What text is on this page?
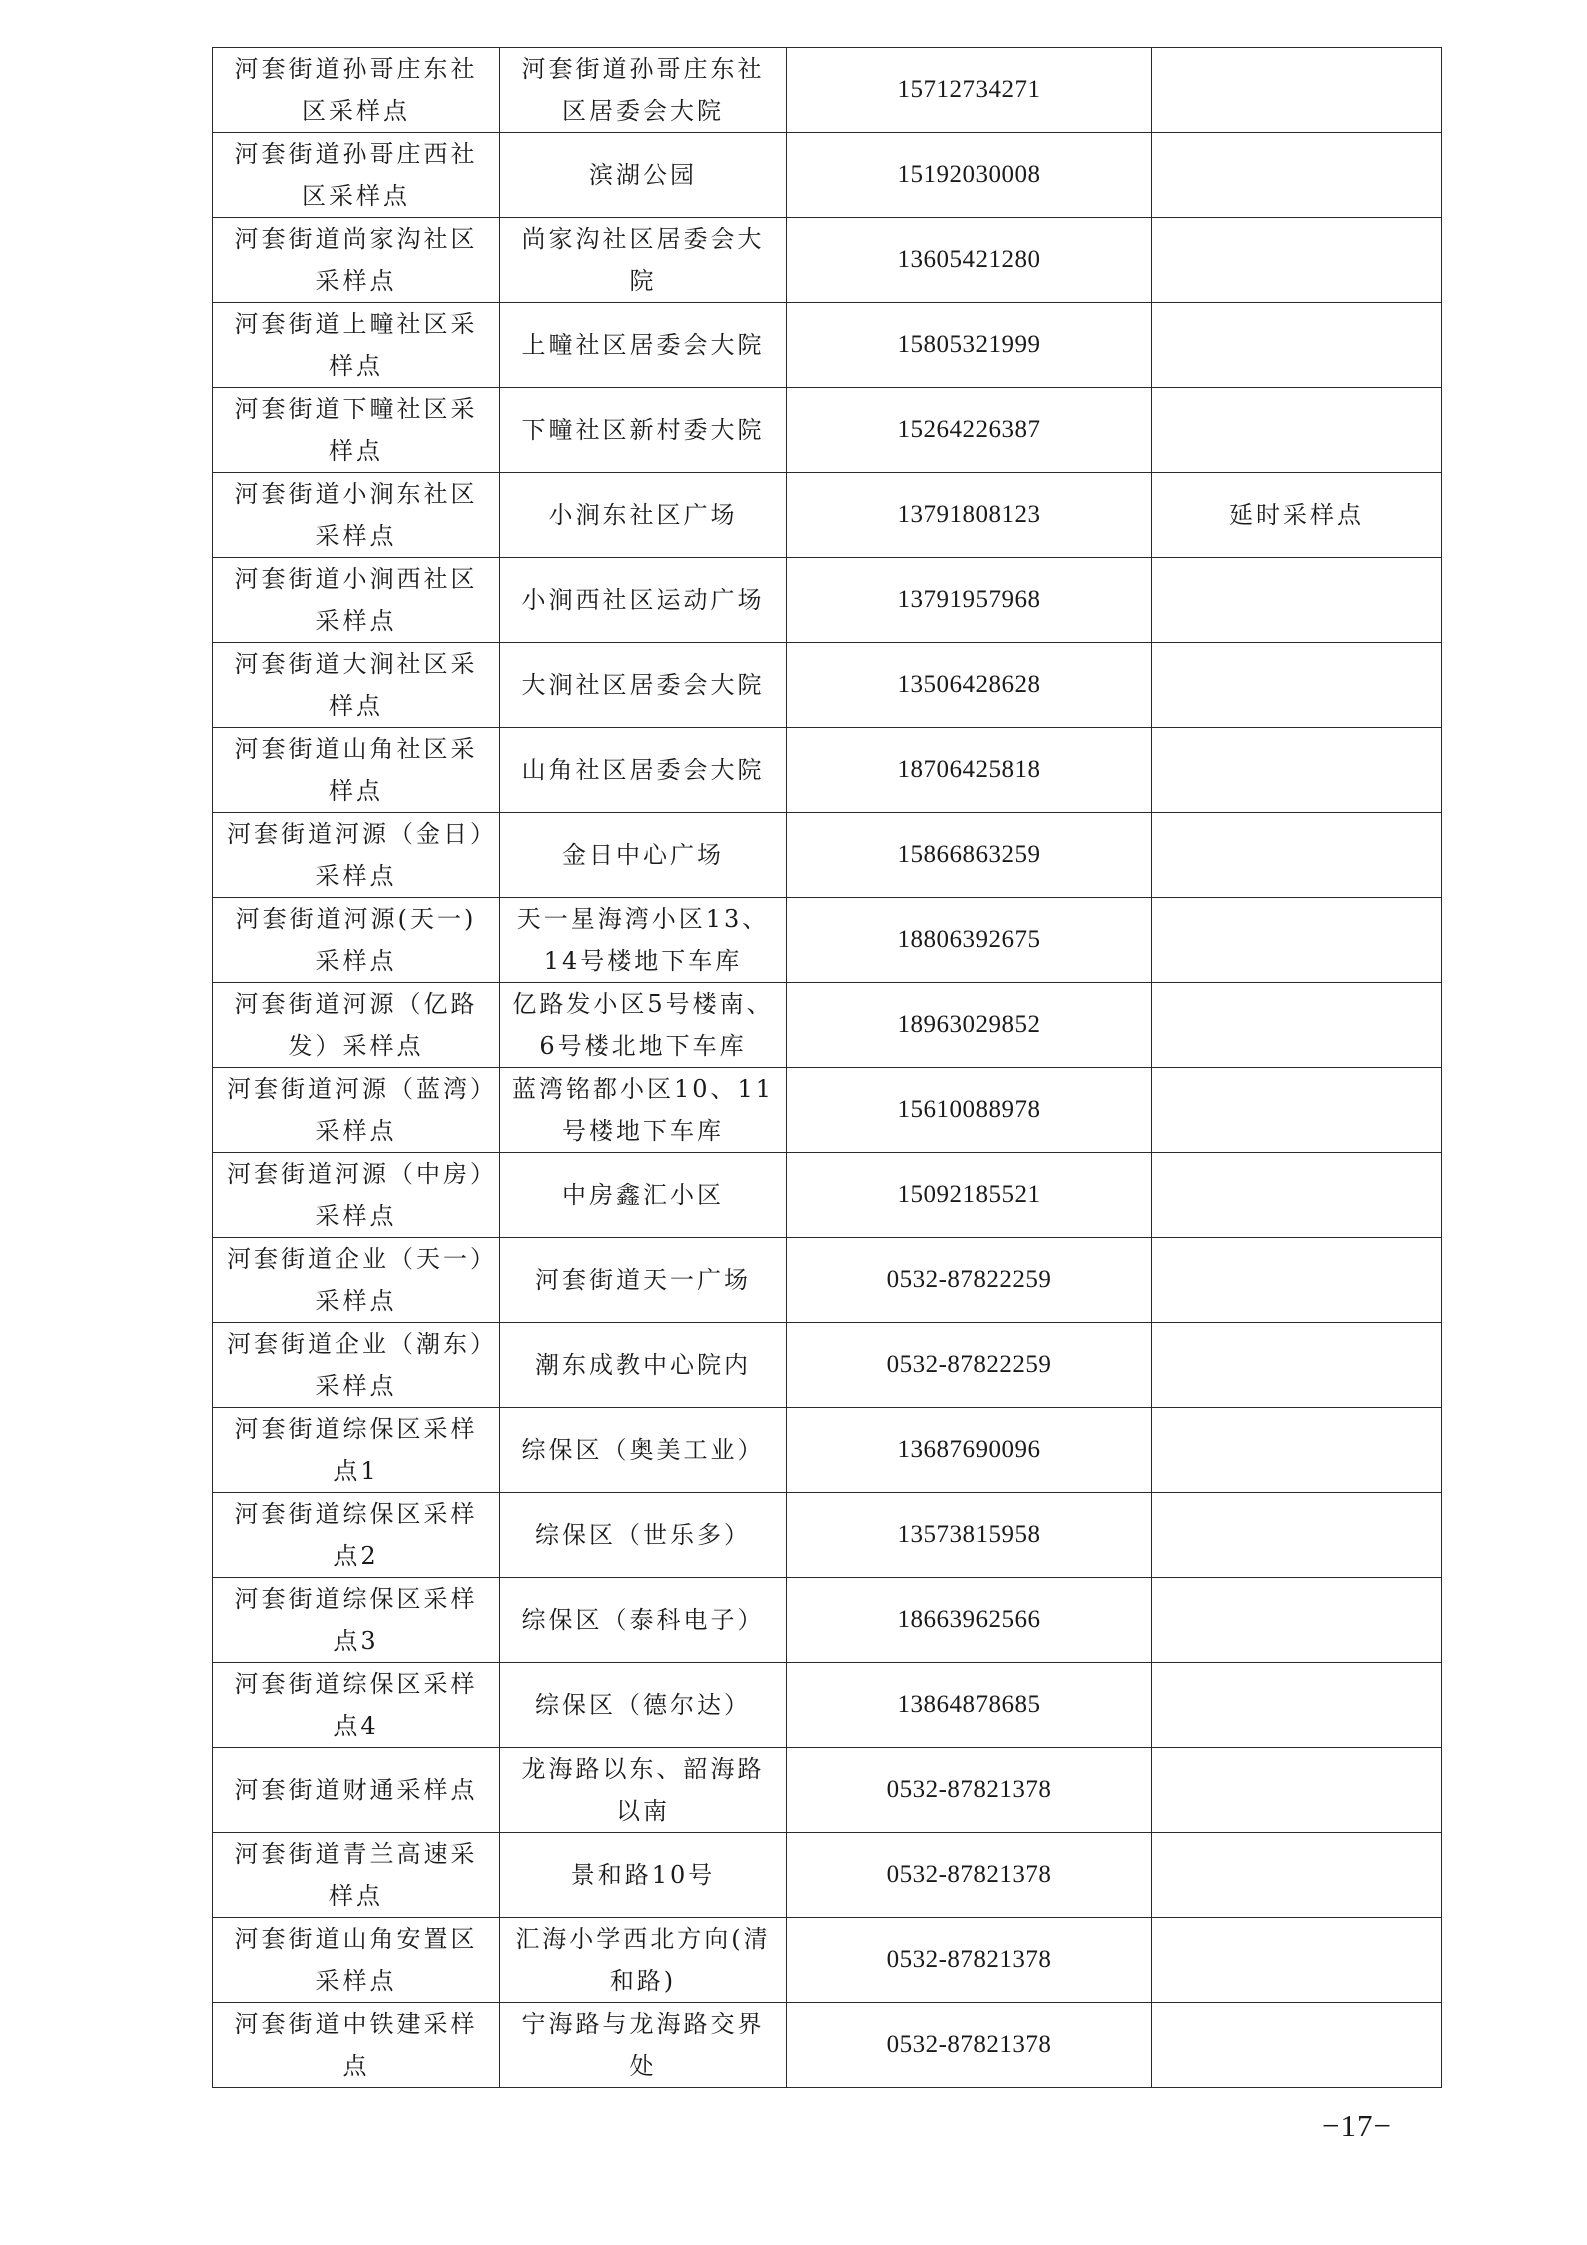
河套街道孙哥庄东社区采样点	河套街道孙哥庄东社区居委会大院	15712734271	
河套街道孙哥庄西社区采样点	滨湖公园	15192030008	
河套街道尚家沟社区采样点	尚家沟社区居委会大院	13605421280	
河套街道上疃社区采样点	上疃社区居委会大院	15805321999	
河套街道下疃社区采样点	下疃社区新村委大院	15264226387	
河套街道小涧东社区采样点	小涧东社区广场	13791808123	延时采样点
河套街道小涧西社区采样点	小涧西社区运动广场	13791957968	
河套街道大涧社区采样点	大涧社区居委会大院	13506428628	
河套街道山角社区采样点	山角社区居委会大院	18706425818	
河套街道河源（金日）采样点	金日中心广场	15866863259	
河套街道河源(天一)采样点	天一星海湾小区13、14号楼地下车库	18806392675	
河套街道河源（亿路发）采样点	亿路发小区5号楼南、6号楼北地下车库	18963029852	
河套街道河源（蓝湾）采样点	蓝湾铭都小区10、11号楼地下车库	15610088978	
河套街道河源（中房）采样点	中房鑫汇小区	15092185521	
河套街道企业（天一）采样点	河套街道天一广场	0532-87822259	
河套街道企业（潮东）采样点	潮东成教中心院内	0532-87822259	
河套街道综保区采样点1	综保区（奥美工业）	13687690096	
河套街道综保区采样点2	综保区（世乐多）	13573815958	
河套街道综保区采样点3	综保区（泰科电子）	18663962566	
河套街道综保区采样点4	综保区（德尔达）	13864878685	
河套街道财通采样点	龙海路以东、韶海路以南	0532-87821378	
河套街道青兰高速采样点	景和路10号	0532-87821378	
河套街道山角安置区采样点	汇海小学西北方向(清和路)	0532-87821378	
河套街道中铁建采样点	宁海路与龙海路交界处	0532-87821378	
−17−
